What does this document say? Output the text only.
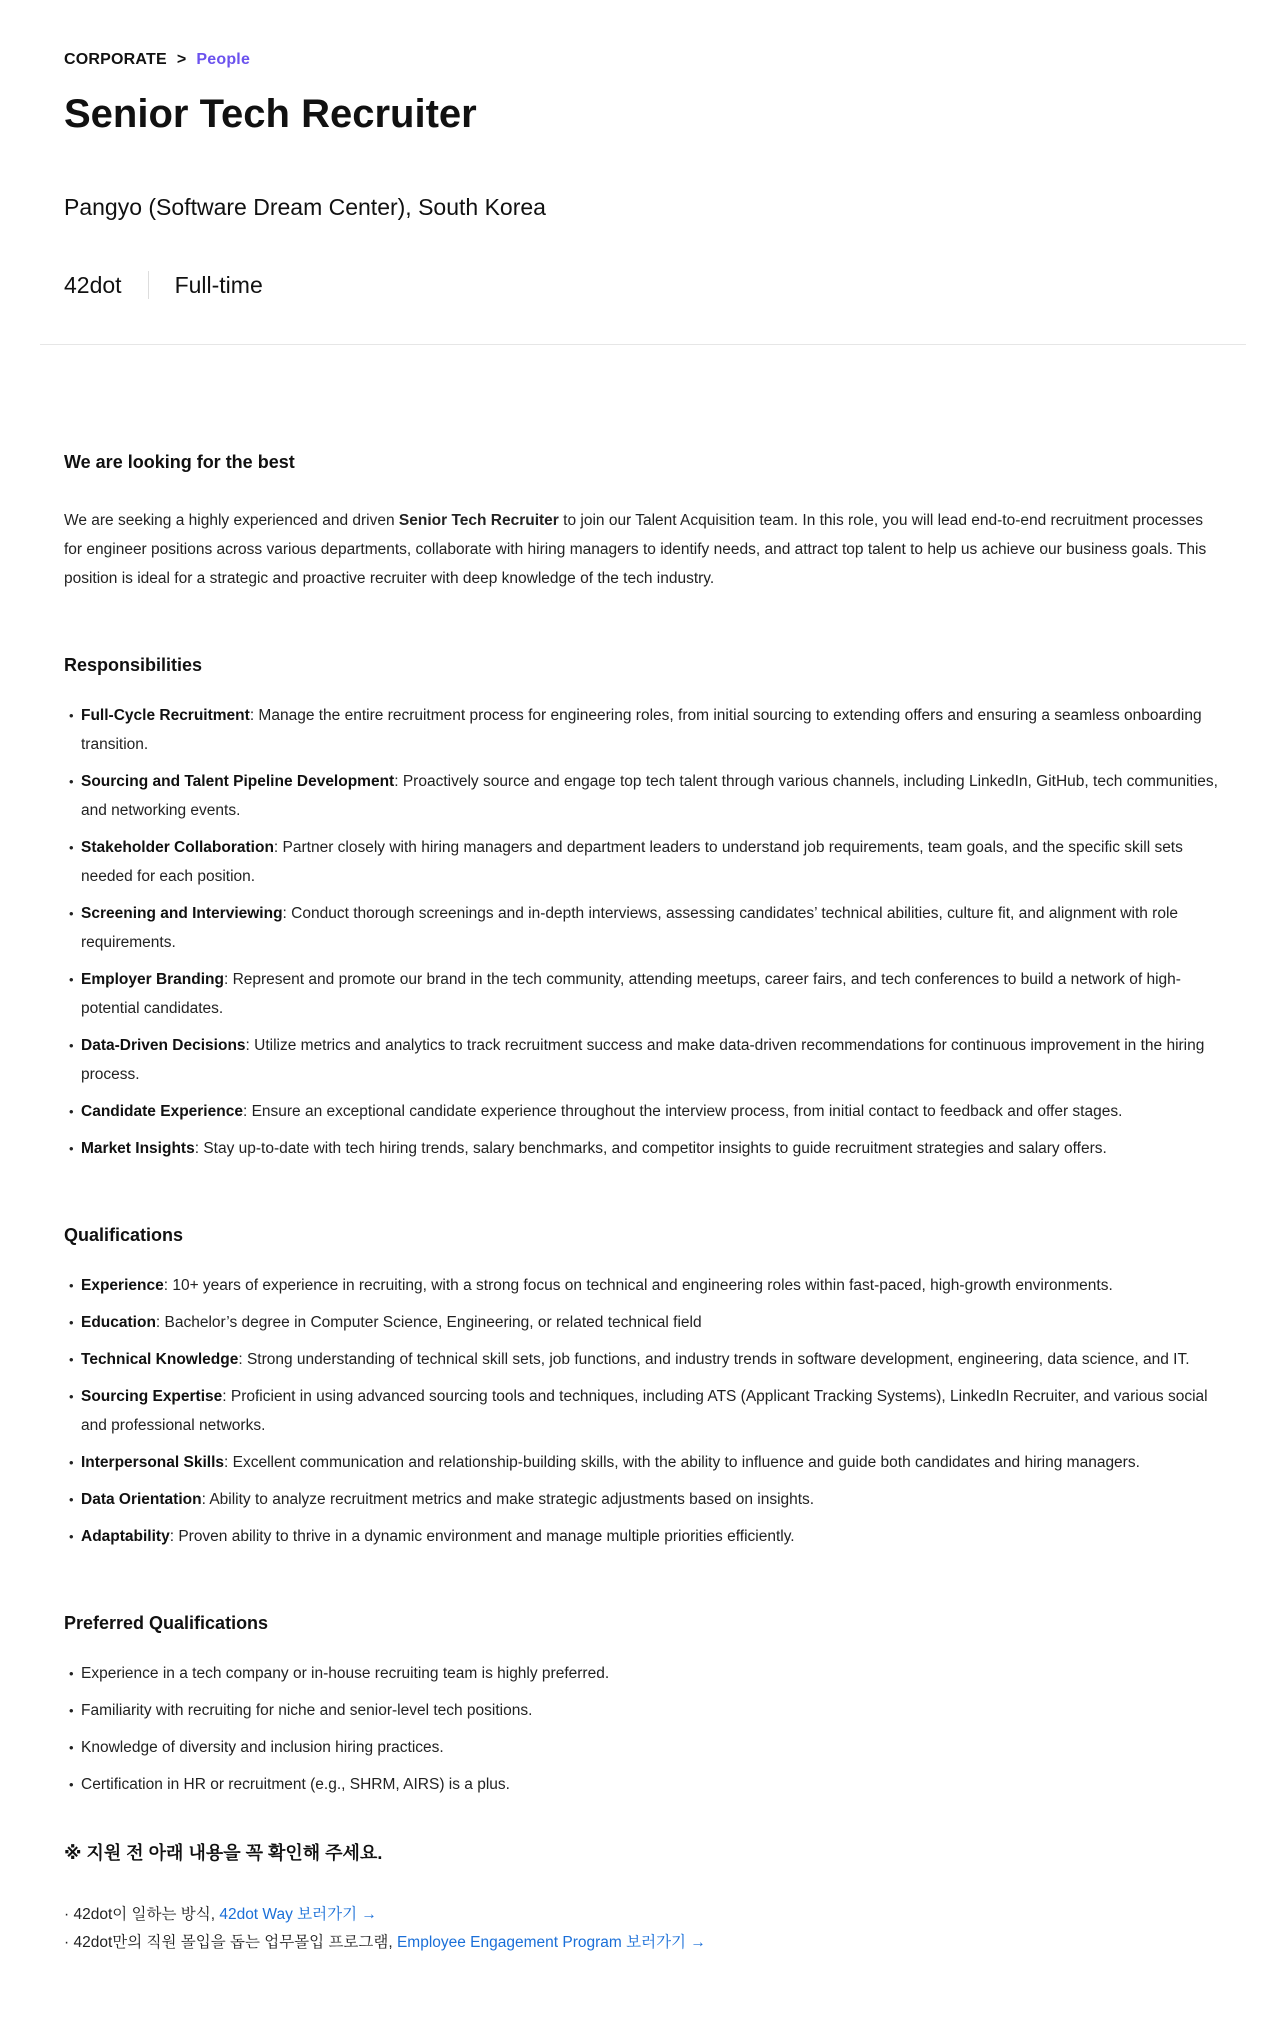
CORPORATE > People
Senior Tech Recruiter
Pangyo (Software Dream Center), South Korea
42dot Full-time
We are looking for the best

We are seeking a highly experienced and driven Senior Tech Recruiter to join our Talent Acquisition team. In this role, you will lead end-to-end recruitment processes for engineer positions across various departments, collaborate with hiring managers to identify needs, and attract top talent to help us achieve our business goals. This position is ideal for a strategic and proactive recruiter with deep knowledge of the tech industry.

Responsibilities
• Full-Cycle Recruitment: Manage the entire recruitment process for engineering roles, from initial sourcing to extending offers and ensuring a seamless onboarding transition.
• Sourcing and Talent Pipeline Development: Proactively source and engage top tech talent through various channels, including LinkedIn, GitHub, tech communities, and networking events.
• Stakeholder Collaboration: Partner closely with hiring managers and department leaders to understand job requirements, team goals, and the specific skill sets needed for each position.
• Screening and Interviewing: Conduct thorough screenings and in-depth interviews, assessing candidates’ technical abilities, culture fit, and alignment with role requirements.
• Employer Branding: Represent and promote our brand in the tech community, attending meetups, career fairs, and tech conferences to build a network of high-potential candidates.
• Data-Driven Decisions: Utilize metrics and analytics to track recruitment success and make data-driven recommendations for continuous improvement in the hiring process.
• Candidate Experience: Ensure an exceptional candidate experience throughout the interview process, from initial contact to feedback and offer stages.
• Market Insights: Stay up-to-date with tech hiring trends, salary benchmarks, and competitor insights to guide recruitment strategies and salary offers.
Qualifications
• Experience: 10+ years of experience in recruiting, with a strong focus on technical and engineering roles within fast-paced, high-growth environments.
• Education: Bachelor’s degree in Computer Science, Engineering, or related technical field
• Technical Knowledge: Strong understanding of technical skill sets, job functions, and industry trends in software development, engineering, data science, and IT.
• Sourcing Expertise: Proficient in using advanced sourcing tools and techniques, including ATS (Applicant Tracking Systems), LinkedIn Recruiter, and various social and professional networks.
• Interpersonal Skills: Excellent communication and relationship-building skills, with the ability to influence and guide both candidates and hiring managers.
• Data Orientation: Ability to analyze recruitment metrics and make strategic adjustments based on insights.
• Adaptability: Proven ability to thrive in a dynamic environment and manage multiple priorities efficiently.
Preferred Qualifications
• Experience in a tech company or in-house recruiting team is highly preferred.
• Familiarity with recruiting for niche and senior-level tech positions.
• Knowledge of diversity and inclusion hiring practices.
• Certification in HR or recruitment (e.g., SHRM, AIRS) is a plus.
※ 지원 전 아래 내용을 꼭 확인해 주세요.
· 42dot이 일하는 방식, 42dot Way 보러가기 →
· 42dot만의 직원 몰입을 돕는 업무몰입 프로그램, Employee Engagement Program 보러가기 →
